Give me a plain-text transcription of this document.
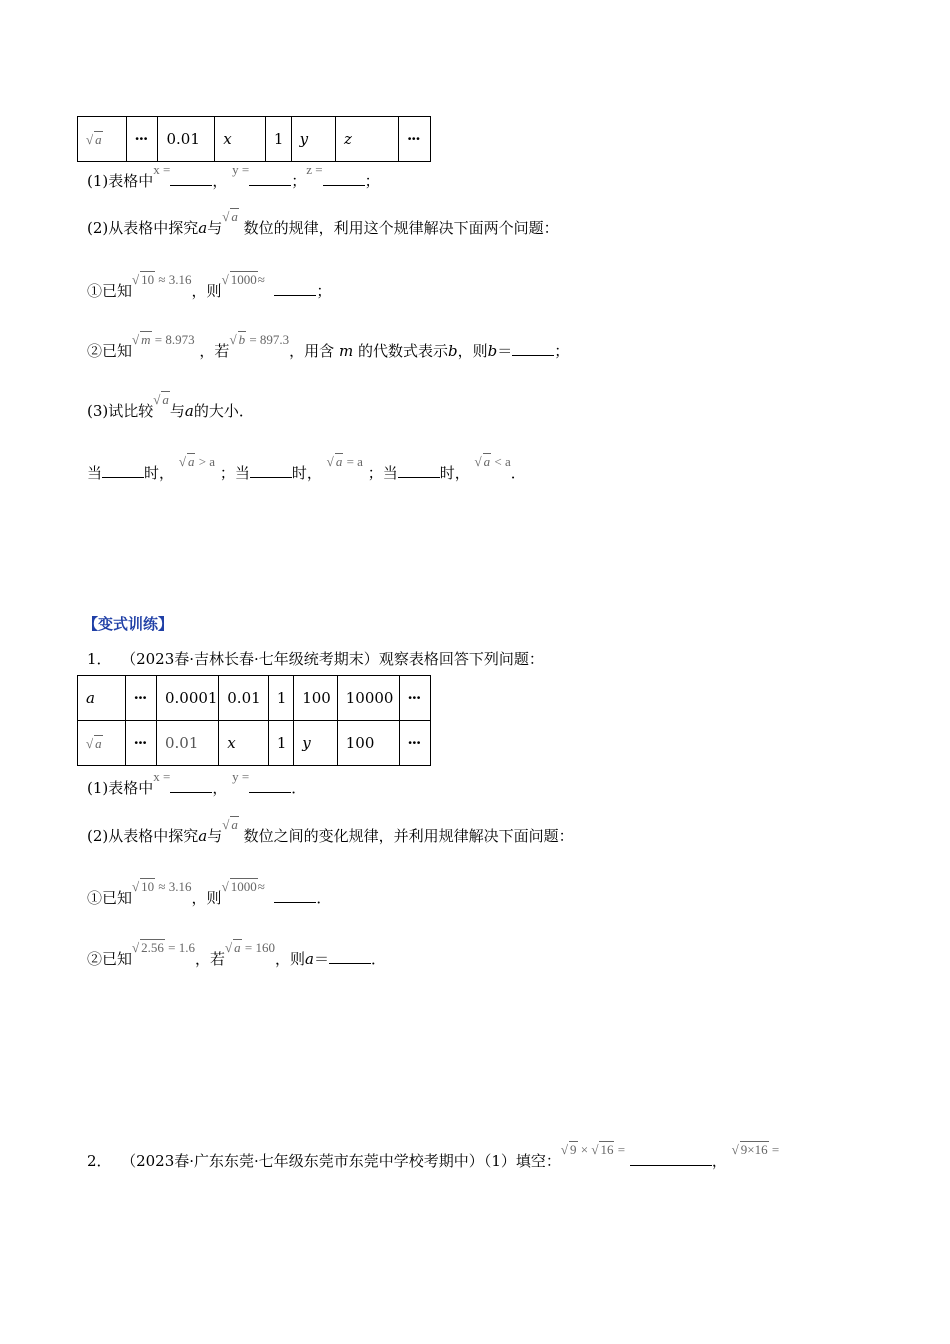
√ a	···	0.01	x	1	y	z	···
(1)表格中x =， y =；z =；
(2)从表格中探究a与√ a 数位的规律，利用这个规律解决下面两个问题：
①已知√ 10 ≈ 3.16，则√ 1000≈  ；
②已知√ m = 8.973 ，若√ b = 897.3，用含 m 的代数式表示b，则b＝	；
(3)试比较√ a与a的大小．
当	时， √ a > a ；当	时， √ a = a ；当	时， √ a < a．
【变式训练】
1． （2023春·吉林长春·七年级统考期末）观察表格回答下列问题：
a	···	0.0001	0.01	1	100	10000	···
√ a	···	0.01	x	1	y	100	···
(1)表格中x =， y =．
(2)从表格中探究a与√ a 数位之间的变化规律，并利用规律解决下面问题：
①已知√ 10 ≈ 3.16，则√ 1000≈  ．
②已知√ 2.56 = 1.6，若√ a = 160，则a＝	．
2． （2023春·广东东莞·七年级东莞市东莞中学校考期中）（1）填空：√ 9 × √ 16 = ， √ 9×16 =
